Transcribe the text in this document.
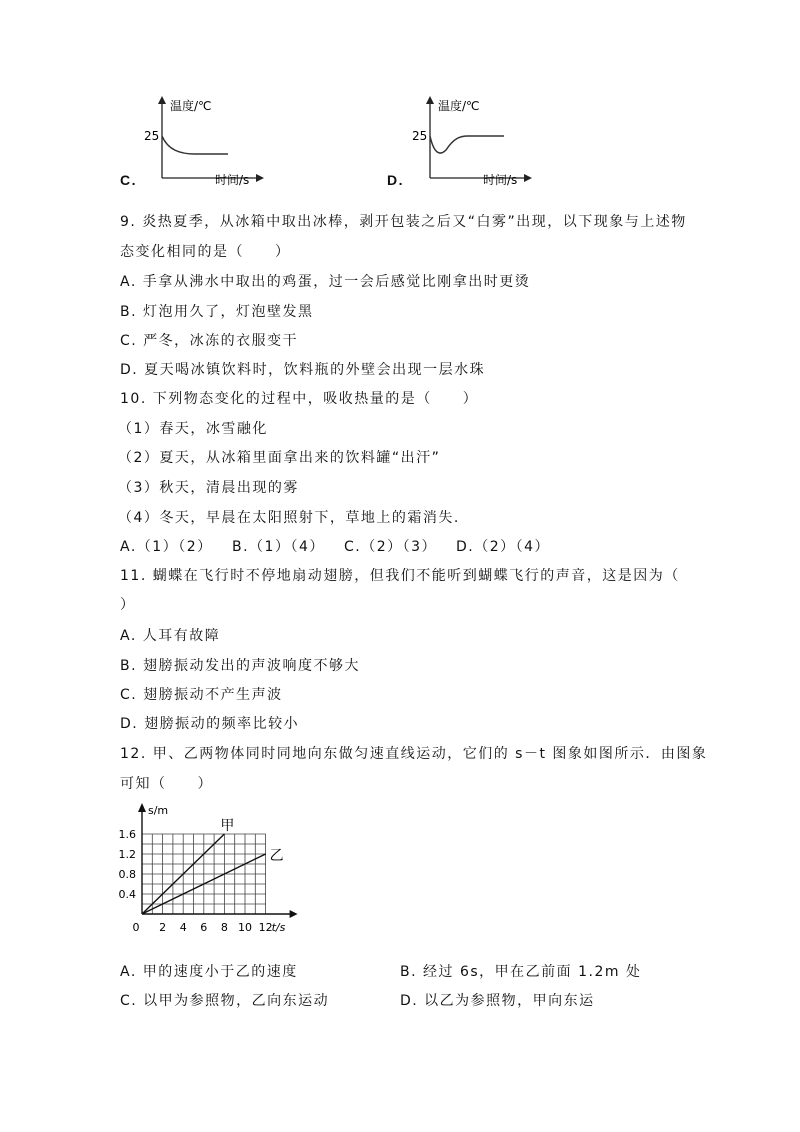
C.
温度/℃
25
时间/s	D.
温度/℃
25
时间/s
9. 炎热夏季，从冰箱中取出冰棒，剥开包装之后又“白雾”出现，以下现象与上述物
态变化相同的是（　　）
A. 手拿从沸水中取出的鸡蛋，过一会后感觉比刚拿出时更烫
B. 灯泡用久了，灯泡壁发黑
C. 严冬，冰冻的衣服变干
D. 夏天喝冰镇饮料时，饮料瓶的外壁会出现一层水珠
10. 下列物态变化的过程中，吸收热量的是（　　）
（1）春天，冰雪融化
（2）夏天，从冰箱里面拿出来的饮料罐“出汗”
（3）秋天，清晨出现的雾
（4）冬天，早晨在太阳照射下，草地上的霜消失.
A.（1）（2） B.（1）（4） C.（2）（3） D.（2）（4）
11. 蝴蝶在飞行时不停地扇动翅膀，但我们不能听到蝴蝶飞行的声音，这是因为（
）
A. 人耳有故障
B. 翅膀振动发出的声波响度不够大
C. 翅膀振动不产生声波
D. 翅膀振动的频率比较小
12. 甲、乙两物体同时同地向东做匀速直线运动，它们的 s－t 图象如图所示．由图象
可知（　　）
s/m
t/s
1.6
1.2
0.8
0.4
0 2 4 6 8 10 12
甲
乙
A. 甲的速度小于乙的速度	B. 经过 6s，甲在乙前面 1.2m 处
C. 以甲为参照物，乙向东运动	D. 以乙为参照物，甲向东运
